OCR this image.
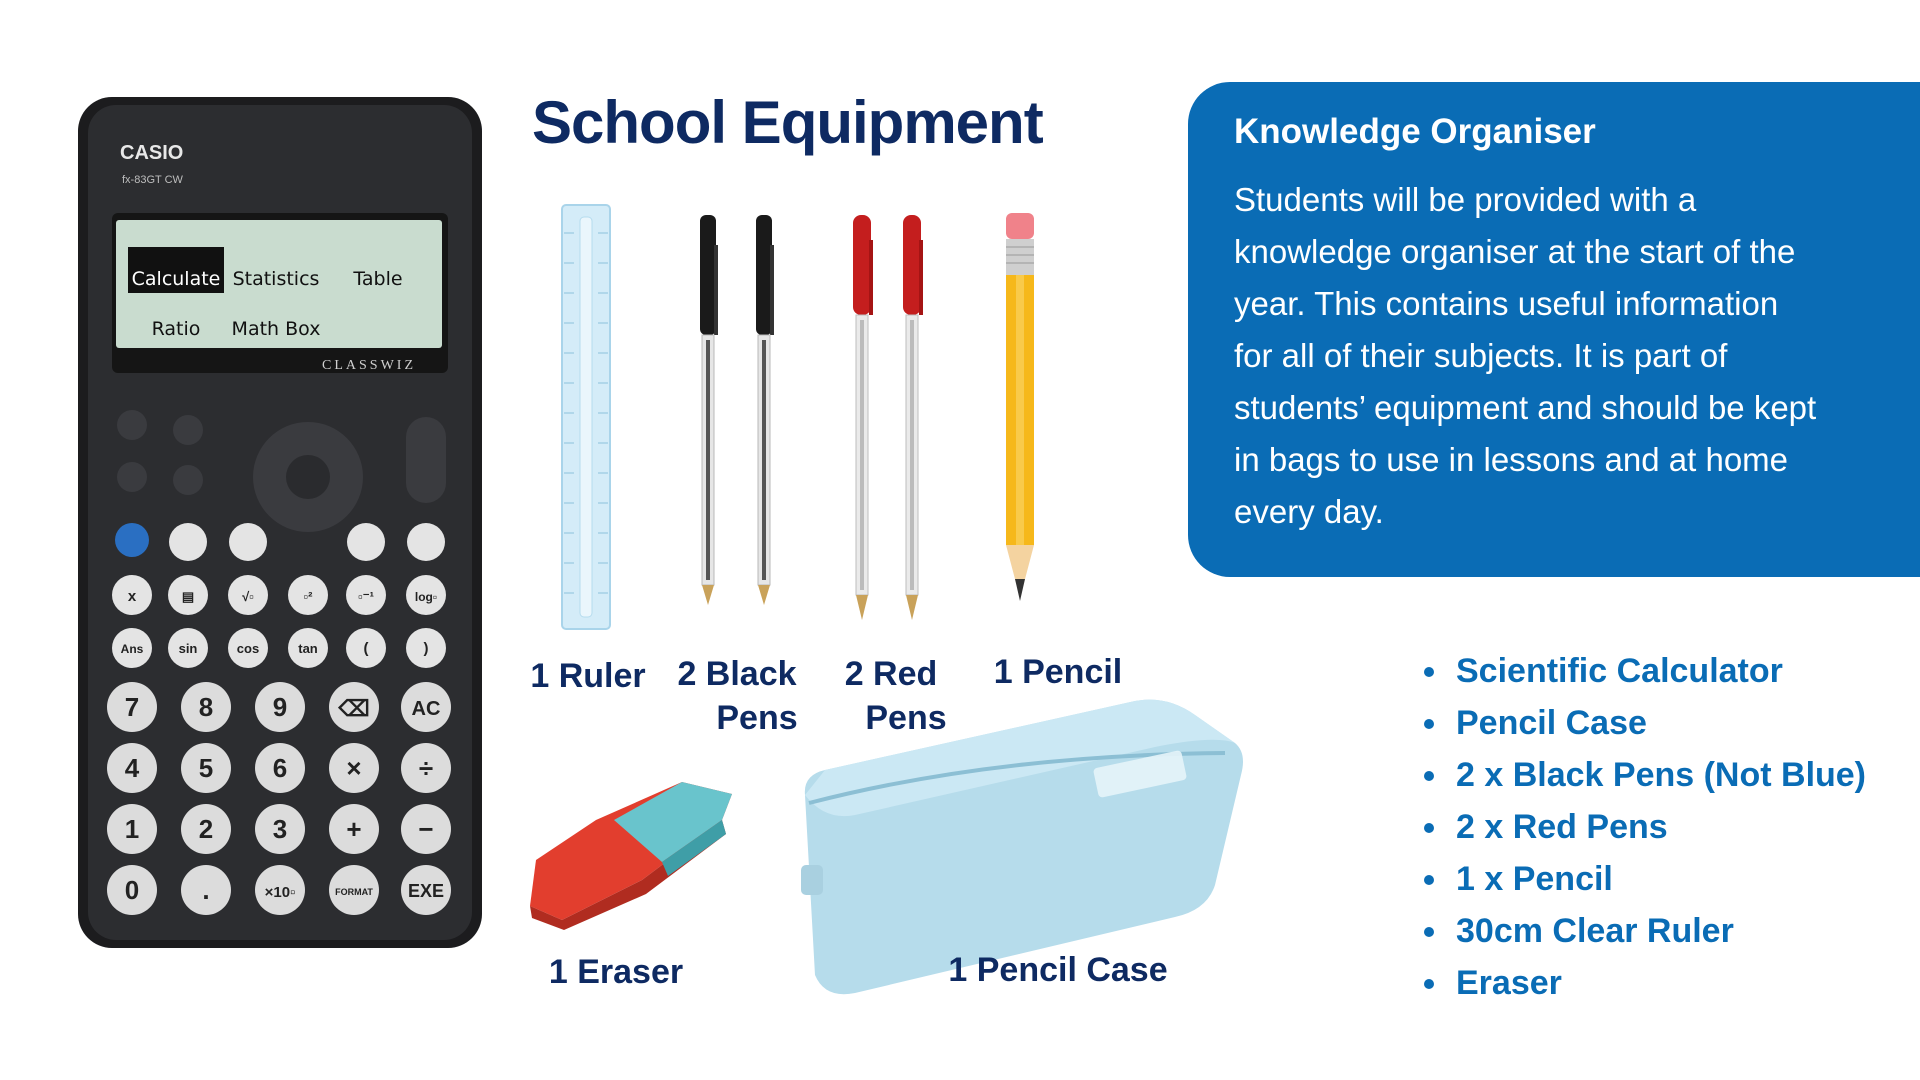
CASIO
fx-83GT CW
Calculate Statistics Table
Ratio Math Box
CLASSWIZ
x	▤	√▫	▫²	▫⁻¹	log▫
Ans	sin	cos	tan	(	)
7 8 9 ⌫ AC
4 5 6 × ÷
1 2 3 + −
0 .	×10▫	FORMAT EXE
School Equipment
1 Ruler 2 Black
Pens
2 Red
Pens
1 Pencil
1 Eraser	1 Pencil Case
Knowledge Organiser
Students will be provided with a
knowledge organiser at the start of the
year. This contains useful information
for all of their subjects. It is part of
students’ equipment and should be kept
in bags to use in lessons and at home
every day.
Scientific Calculator
Pencil Case
2 x Black Pens (Not Blue)
2 x Red Pens
1 x Pencil
30cm Clear Ruler
Eraser
